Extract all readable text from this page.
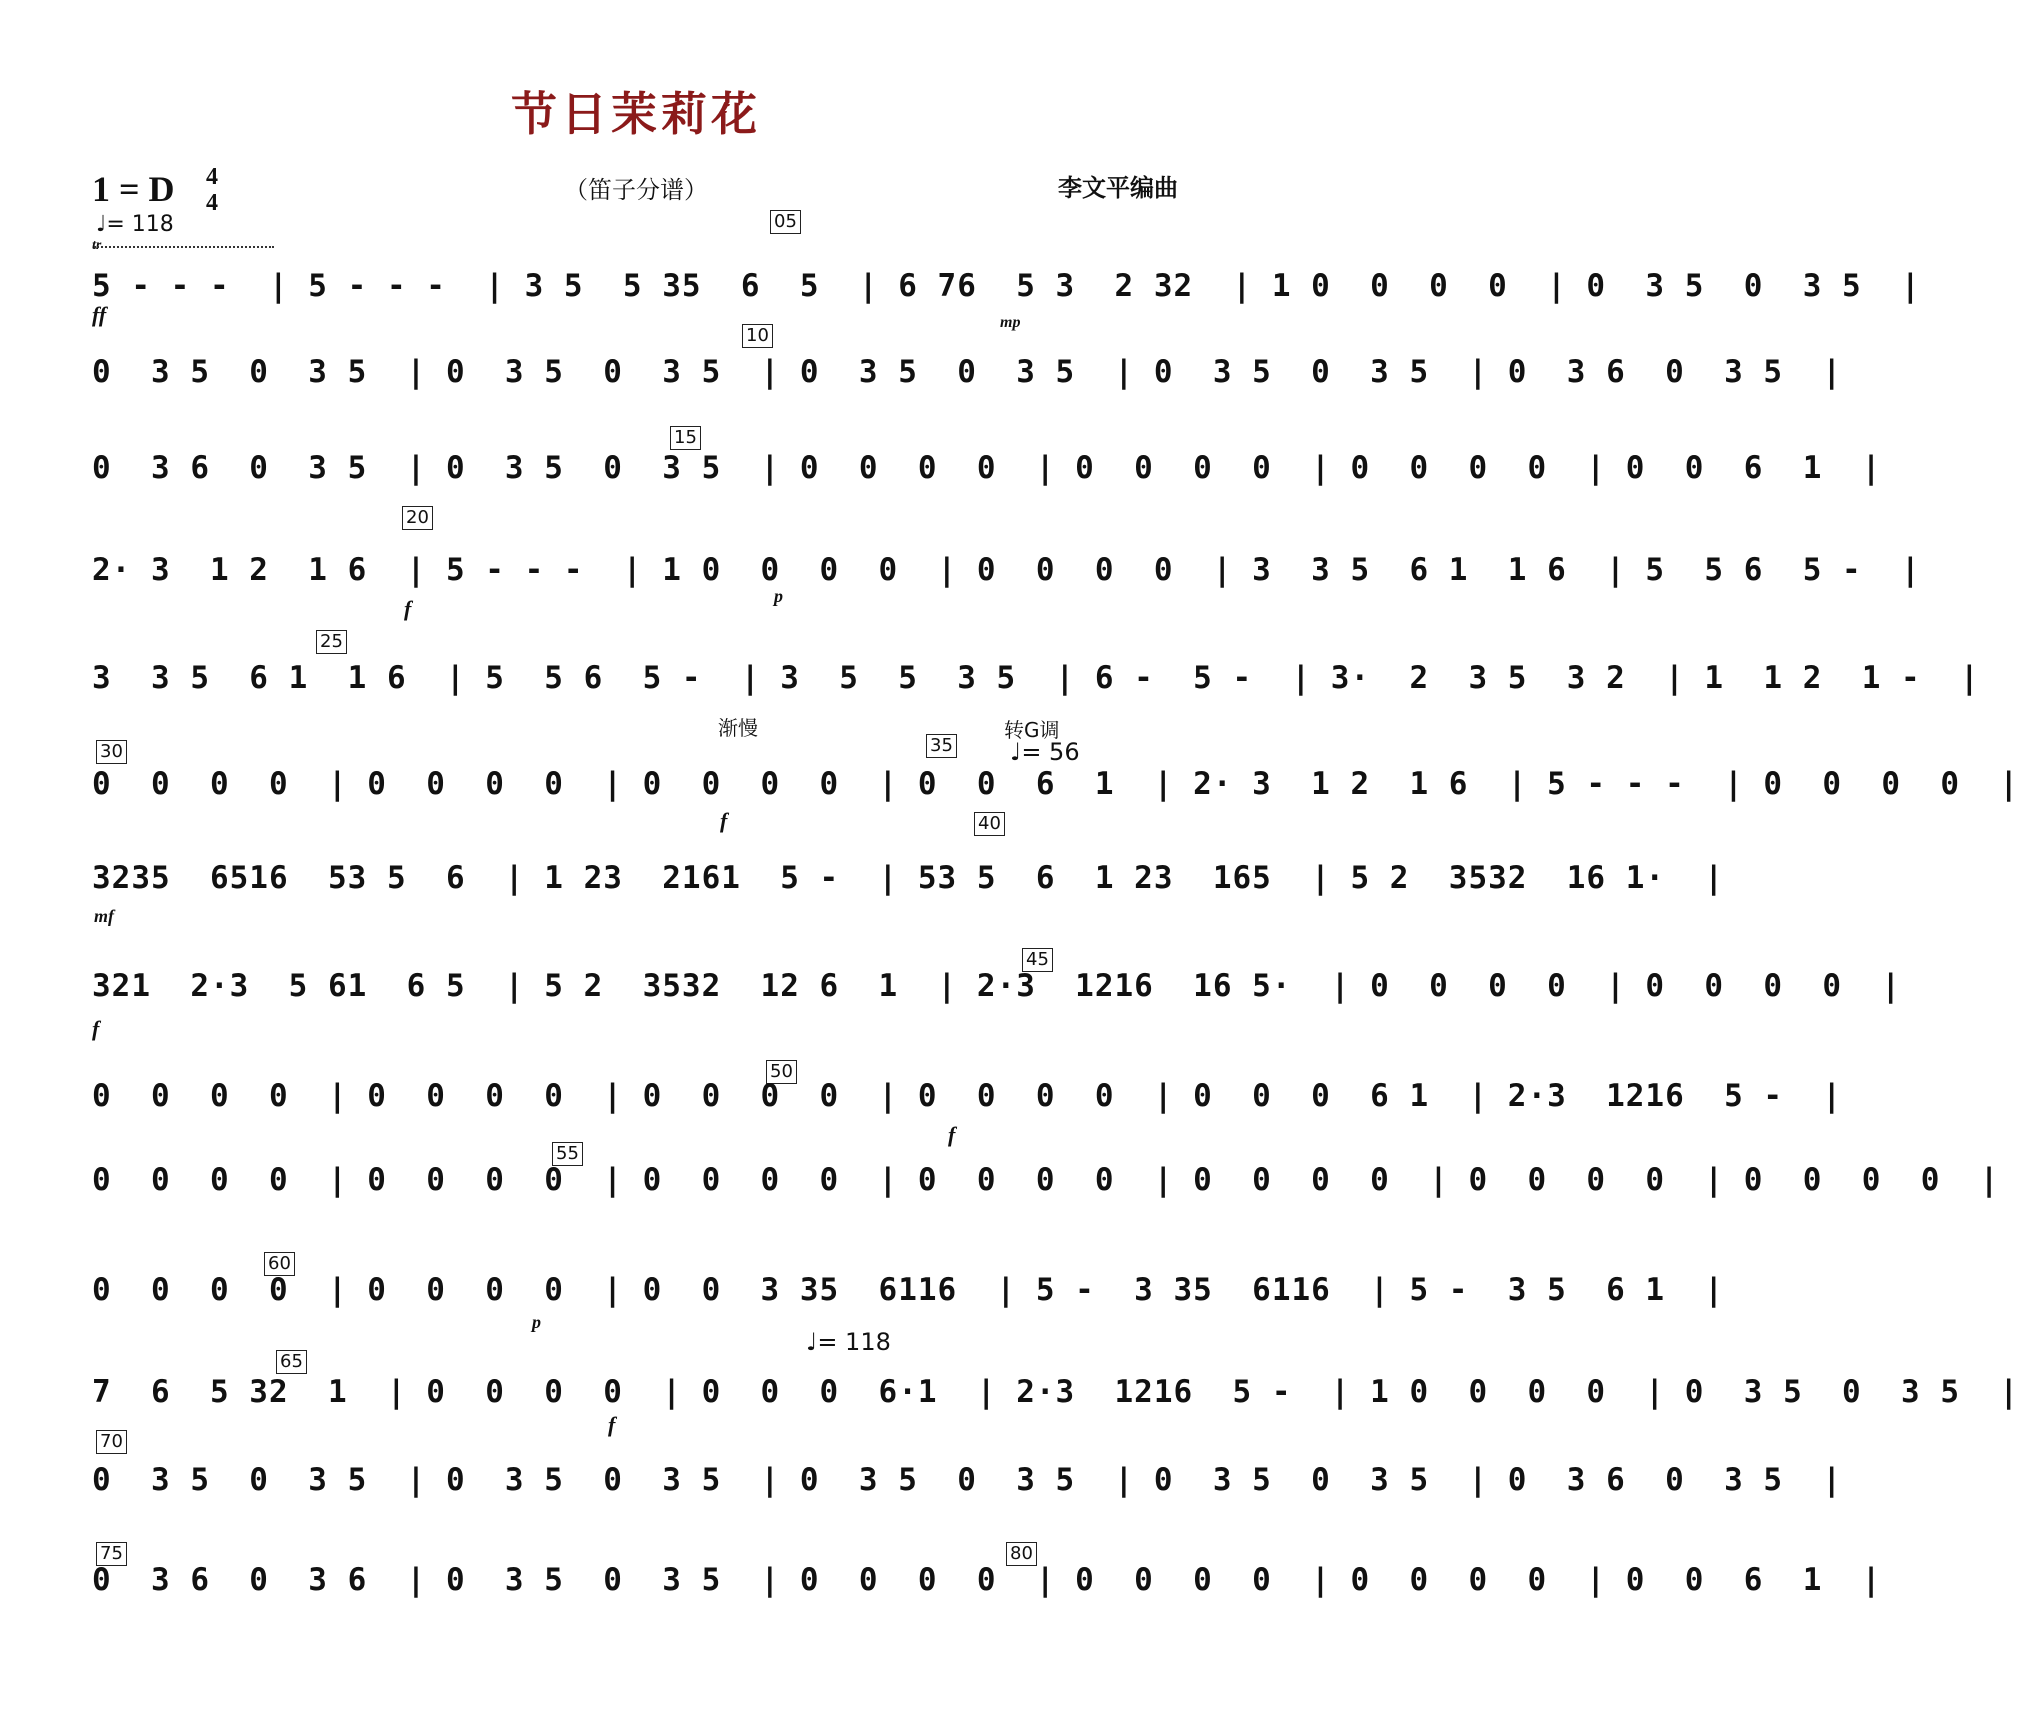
节日茉莉花
（笛子分谱）	李文平编曲
1 = D 4
4
♩= 118
tr
05
10
15
20
25
30	35
40
45
50
55
60
65
70
75	80
渐慢	转G调
♩= 56
♩= 118
ff	mp
f	p
f
mf
f
f
p
f
5 - - -  | 5 - - -  | 3 5  5 35  6  5  | 6 76  5 3  2 32  | 1 0  0  0  0  | 0  3 5  0  3 5  |
0  3 5  0  3 5  | 0  3 5  0  3 5  | 0  3 5  0  3 5  | 0  3 5  0  3 5  | 0  3 6  0  3 5  |
0  3 6  0  3 5  | 0  3 5  0  3 5  | 0  0  0  0  | 0  0  0  0  | 0  0  0  0  | 0  0  6  1  |
2· 3  1 2  1 6  | 5 - - -  | 1 0  0  0  0  | 0  0  0  0  | 3  3 5  6 1  1 6  | 5  5 6  5 -  |
3  3 5  6 1  1 6  | 5  5 6  5 -  | 3  5  5  3 5  | 6 -  5 -  | 3·  2  3 5  3 2  | 1  1 2  1 -  |
0  0  0  0  | 0  0  0  0  | 0  0  0  0  | 0  0  6  1  | 2· 3  1 2  1 6  | 5 - - -  | 0  0  0  0  |
3235  6516  53 5  6  | 1 23  2161  5 -  | 53 5  6  1 23  165  | 5 2  3532  16 1·  |
321  2·3  5 61  6 5  | 5 2  3532  12 6  1  | 2·3  1216  16 5·  | 0  0  0  0  | 0  0  0  0  |
0  0  0  0  | 0  0  0  0  | 0  0  0  0  | 0  0  0  0  | 0  0  0  6 1  | 2·3  1216  5 -  |
0  0  0  0  | 0  0  0  0  | 0  0  0  0  | 0  0  0  0  | 0  0  0  0  | 0  0  0  0  | 0  0  0  0  |
0  0  0  0  | 0  0  0  0  | 0  0  3 35  6116  | 5 -  3 35  6116  | 5 -  3 5  6 1  |
7  6  5 32  1  | 0  0  0  0  | 0  0  0  6·1  | 2·3  1216  5 -  | 1 0  0  0  0  | 0  3 5  0  3 5  |
0  3 5  0  3 5  | 0  3 5  0  3 5  | 0  3 5  0  3 5  | 0  3 5  0  3 5  | 0  3 6  0  3 5  |
0  3 6  0  3 6  | 0  3 5  0  3 5  | 0  0  0  0  | 0  0  0  0  | 0  0  0  0  | 0  0  6  1  |
